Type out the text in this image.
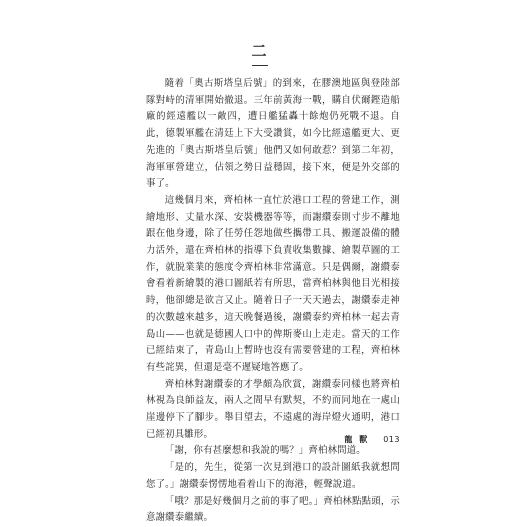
二

隨着「奧古斯塔皇后號」的到來，在膠澳地區與登陸部隊對峙的清軍開始撤退。三年前黃海一戰，購自伏爾鏗造船廠的經遠艦以一敵四，遭日艦猛轟十餘炮仍死戰不退。自此，德製軍艦在清廷上下大受讚賞，如今比經遠艦更大、更先進的「奧古斯塔皇后號」他們又如何敢惹？到第二年初，海軍軍營建立，佔領之勢日益穩固，接下來，便是外交部的事了。

這幾個月來，齊柏林一直忙於港口工程的營建工作，測繪地形、丈量水深、安裝機器等等，而謝纘泰則寸步不離地跟在他身邊，除了任勞任怨地做些攜帶工具、搬運設備的體力活外，還在齊柏林的指導下負責收集數據、繪製草圖的工作，就脱業業的態度令齊柏林非常滿意。只是偶爾，謝纘泰會看着新繪製的港口圖紙若有所思，當齊柏林與他目光相接時，他卻總是欲言又止。隨着日子一天天過去，謝纘泰走神的次數越來越多，這天晚餐過後，謝纘泰約齊柏林一起去青島山——也就是德國人口中的俾斯麥山上走走。當天的工作已經結束了，青島山上暫時也沒有需要營建的工程，齊柏林有些詫異，但還是毫不遲疑地答應了。

齊柏林對謝纘泰的才學頗為欣賞，謝纘泰同樣也將齊柏林視為良師益友，兩人之間早有默契，不約而同地在一處山崖邊停下了腳步。舉目望去，不遠處的海岸燈火通明，港口已經初具雛形。

「謝，你有甚麼想和我說的嗎？」齊柏林問道。

「是的，先生，從第一次見到港口的設計圖紙我就想問您了。」謝纘泰愣愣地看着山下的海港，輕聲說道。

「哦？那是好幾個月之前的事了吧。」齊柏林點點頭，示意謝纘泰繼續。

龍 獸 013
